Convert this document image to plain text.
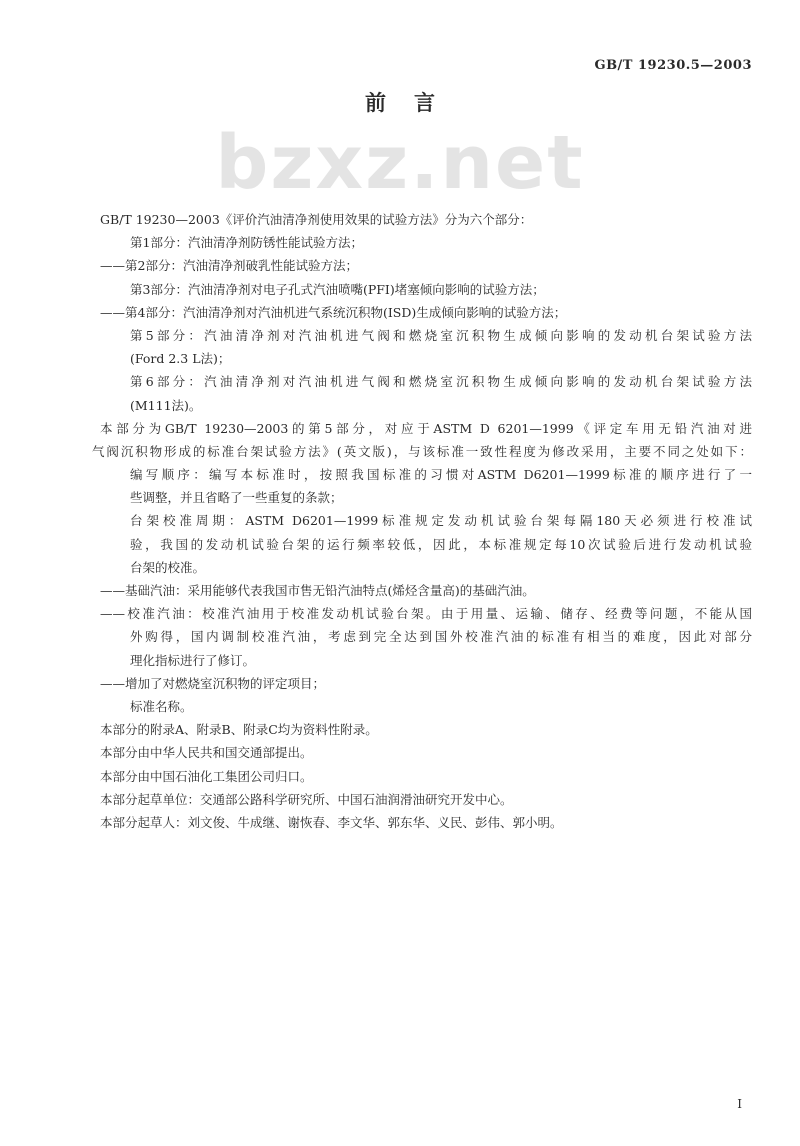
GB/T 19230.5—2003
前言
bzxz.net
GB/T 19230—2003《评价汽油清净剂使用效果的试验方法》分为六个部分：
第1部分：汽油清净剂防锈性能试验方法；
——第2部分：汽油清净剂破乳性能试验方法；
第3部分：汽油清净剂对电子孔式汽油喷嘴(PFI)堵塞倾向影响的试验方法；
——第4部分：汽油清净剂对汽油机进气系统沉积物(ISD)生成倾向影响的试验方法；
第5部分：汽油清净剂对汽油机进气阀和燃烧室沉积物生成倾向影响的发动机台架试验方法
(Ford 2.3 L法)；
第6部分：汽油清净剂对汽油机进气阀和燃烧室沉积物生成倾向影响的发动机台架试验方法
(M111法)。
本部分为GB/T 19230—2003的第5部分，对应于ASTM D 6201—1999《评定车用无铅汽油对进
气阀沉积物形成的标准台架试验方法》(英文版)，与该标准一致性程度为修改采用，主要不同之处如下：
编写顺序：编写本标准时，按照我国标准的习惯对ASTM D6201—1999标准的顺序进行了一
些调整，并且省略了一些重复的条款；
台架校准周期：ASTM D6201—1999标准规定发动机试验台架每隔180天必须进行校准试
验，我国的发动机试验台架的运行频率较低，因此，本标准规定每10次试验后进行发动机试验
台架的校准。
——基础汽油：采用能够代表我国市售无铅汽油特点(烯烃含量高)的基础汽油。
——校准汽油：校准汽油用于校准发动机试验台架。由于用量、运输、储存、经费等问题，不能从国
外购得，国内调制校准汽油，考虑到完全达到国外校准汽油的标准有相当的难度，因此对部分
理化指标进行了修订。
——增加了对燃烧室沉积物的评定项目；
标准名称。
本部分的附录A、附录B、附录C均为资料性附录。
本部分由中华人民共和国交通部提出。
本部分由中国石油化工集团公司归口。
本部分起草单位：交通部公路科学研究所、中国石油润滑油研究开发中心。
本部分起草人：刘文俊、牛成继、谢恢春、李文华、郭东华、义民、彭伟、郭小明。
I
